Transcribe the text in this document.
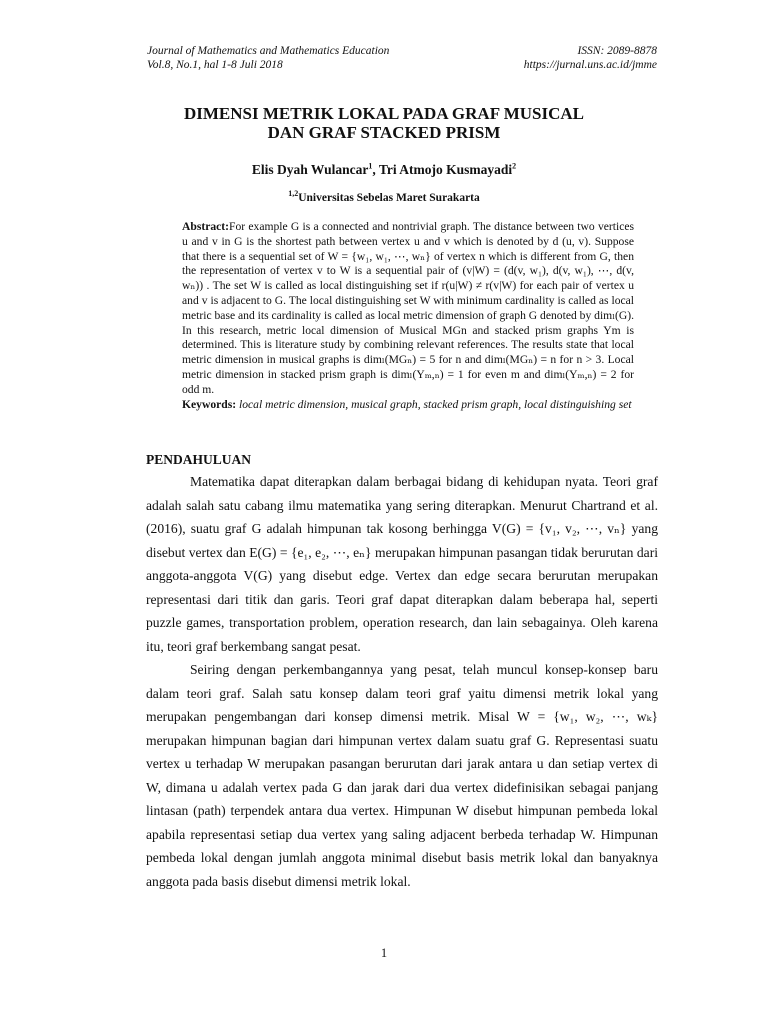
Journal of Mathematics and Mathematics Education	ISSN: 2089-8878
Vol.8, No.1, hal 1-8 Juli 2018	https://jurnal.uns.ac.id/jmme
DIMENSI METRIK LOKAL PADA GRAF MUSICAL
DAN GRAF STACKED PRISM
Elis Dyah Wulancar$^1$, Tri Atmojo Kusmayadi$^2$
$^{1,2}$Universitas Sebelas Maret Surakarta

Abstract:For example G is a connected and nontrivial graph. The distance between two vertices u and v in G is the shortest path between vertex u and v which is denoted by d (u, v). Suppose that there is a sequential set of W = {w₁, w₁, ⋯, wₙ} of vertex n which is different from G, then the representation of vertex v to W is a sequential pair of (v|W) = (d(v, w₁), d(v, w₁), ⋯, d(v, wₙ)) . The set W is called as local distinguishing set if r(u|W) ≠ r(v|W) for each pair of vertex u and v is adjacent to G. The local distinguishing set W with minimum cardinality is called as local metric base and its cardinality is called as local metric dimension of graph G denoted by dimₗ(G). In this research, metric local dimension of Musical MGn and stacked prism graphs Ym is determined. This is literature study by combining relevant references. The results state that local metric dimension in musical graphs is dimₗ(MGₙ) = 5 for n and dimₗ(MGₙ) = n for n > 3. Local metric dimension in stacked prism graph is dimₗ(Yₘ,ₙ) = 1 for even m and dimₗ(Yₘ,ₙ) = 2 for odd m.

Keywords: local metric dimension, musical graph, stacked prism graph, local distinguishing set

PENDAHULUAN

Matematika dapat diterapkan dalam berbagai bidang di kehidupan nyata. Teori graf adalah salah satu cabang ilmu matematika yang sering diterapkan. Menurut Chartrand et al. (2016), suatu graf G adalah himpunan tak kosong berhingga V(G) = {v₁, v₂, ⋯, vₙ} yang disebut vertex dan E(G) = {e₁, e₂, ⋯, eₙ} merupakan himpunan pasangan tidak berurutan dari anggota-anggota V(G) yang disebut edge. Vertex dan edge secara berurutan merupakan representasi dari titik dan garis. Teori graf dapat diterapkan dalam beberapa hal, seperti puzzle games, transportation problem, operation research, dan lain sebagainya. Oleh karena itu, teori graf berkembang sangat pesat.

Seiring dengan perkembangannya yang pesat, telah muncul konsep-konsep baru dalam teori graf. Salah satu konsep dalam teori graf yaitu dimensi metrik lokal yang merupakan pengembangan dari konsep dimensi metrik. Misal W = {w₁, w₂, ⋯, wₖ} merupakan himpunan bagian dari himpunan vertex dalam suatu graf G. Representasi suatu vertex u terhadap W merupakan pasangan berurutan dari jarak antara u dan setiap vertex di W, dimana u adalah vertex pada G dan jarak dari dua vertex didefinisikan sebagai panjang lintasan (path) terpendek antara dua vertex. Himpunan W disebut himpunan pembeda lokal apabila representasi setiap dua vertex yang saling adjacent berbeda terhadap W. Himpunan pembeda lokal dengan jumlah anggota minimal disebut basis metrik lokal dan banyaknya anggota pada basis disebut dimensi metrik lokal.

1
